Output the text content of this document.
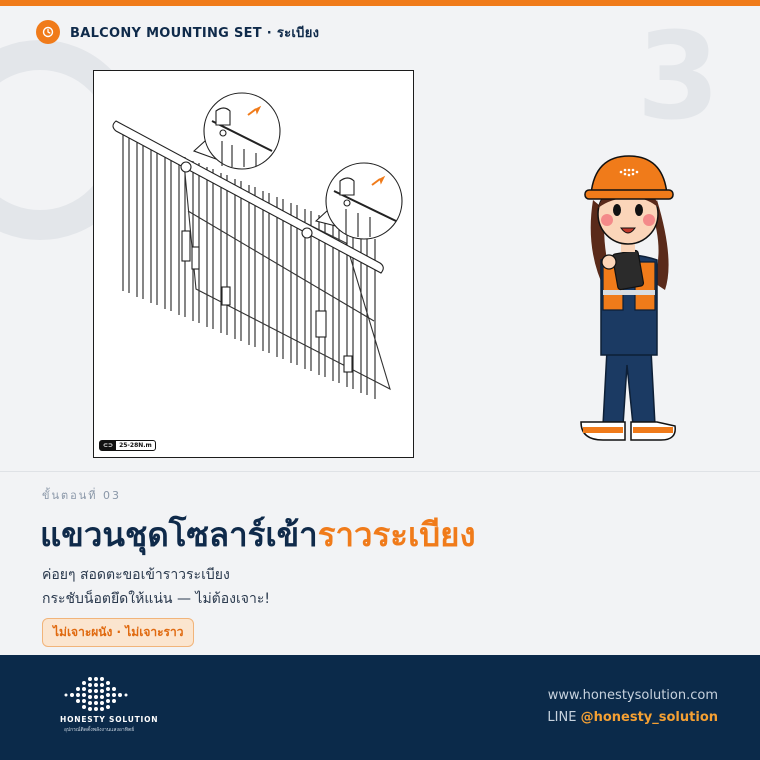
3
BALCONY MOUNTING SET · ระเบียง
⊂⊃	25-28N.m
ขั้นตอนที่ 03
แขวนชุดโซลาร์เข้าราวระเบียง
ค่อยๆ สอดตะขอเข้าราวระเบียง
กระชับน็อตยึดให้แน่น — ไม่ต้องเจาะ!
ไม่เจาะผนัง · ไม่เจาะราว
HONESTY SOLUTION
อุปกรณ์ติดตั้งพลังงานแสงอาทิตย์
www.honestysolution.com
LINE @honesty_solution
